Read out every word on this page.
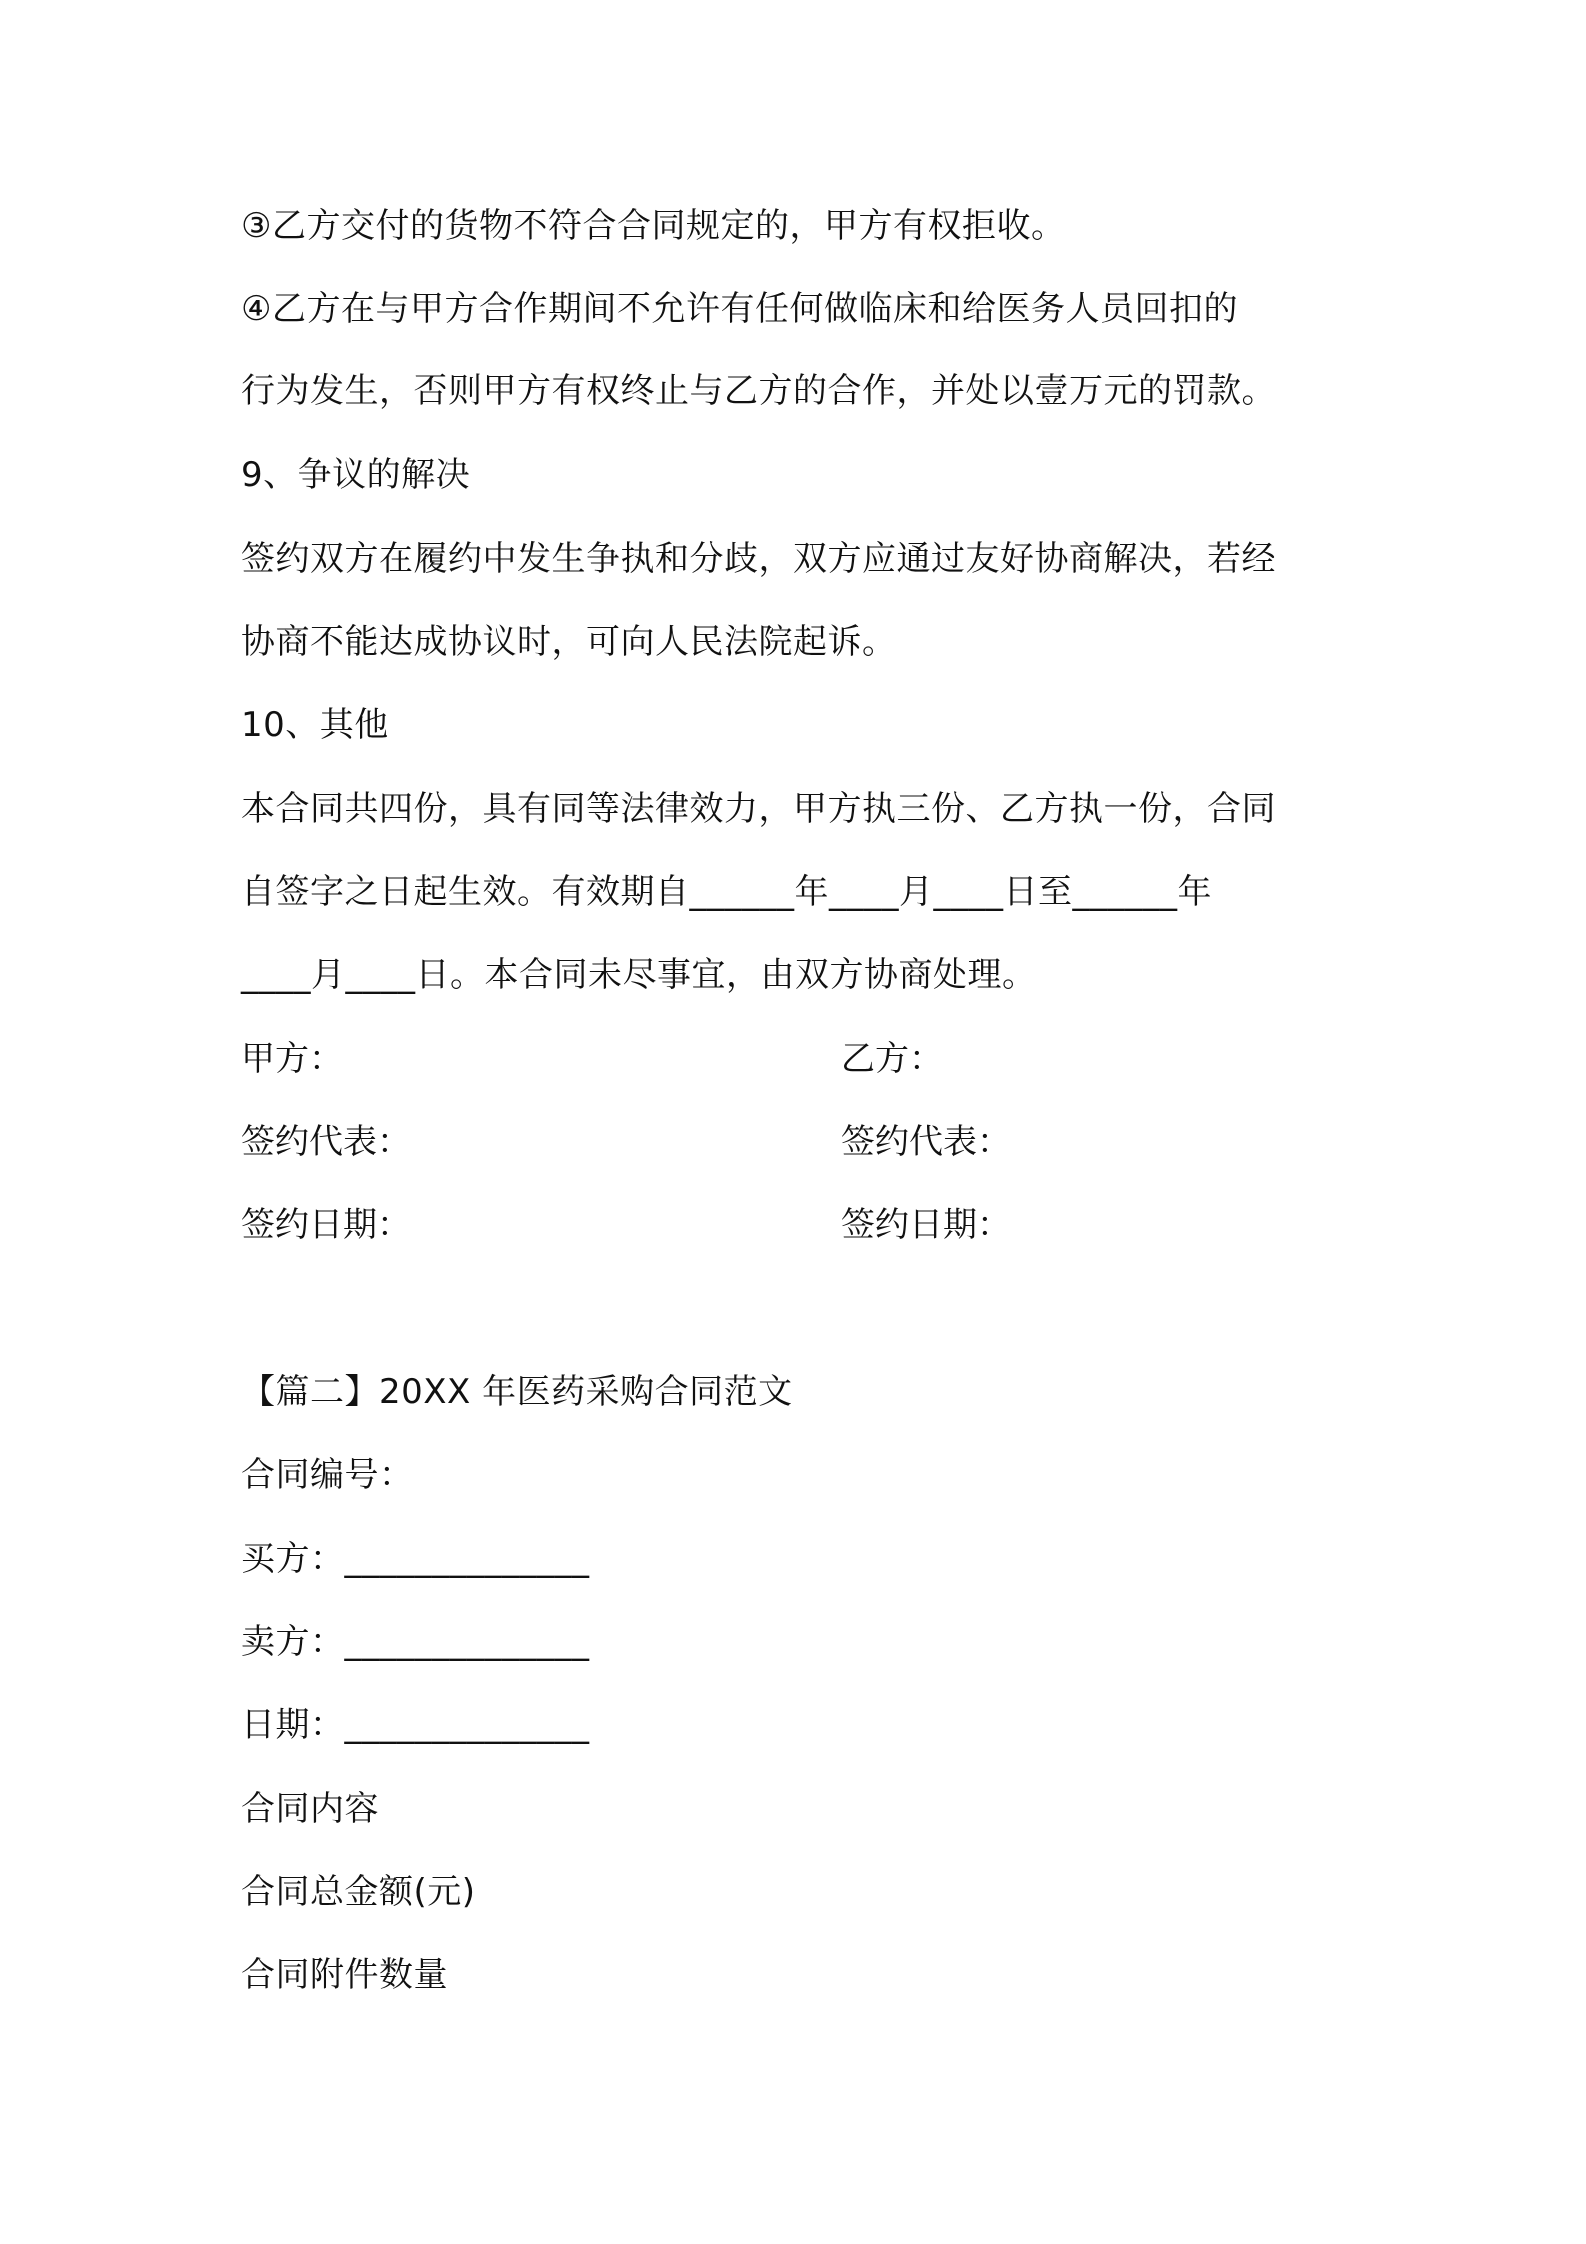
③乙方交付的货物不符合合同规定的，甲方有权拒收。
④乙方在与甲方合作期间不允许有任何做临床和给医务人员回扣的
行为发生，否则甲方有权终止与乙方的合作，并处以壹万元的罚款。
9、争议的解决
签约双方在履约中发生争执和分歧，双方应通过友好协商解决，若经
协商不能达成协议时，可向人民法院起诉。
10、其他
本合同共四份，具有同等法律效力，甲方执三份、乙方执一份，合同
自签字之日起生效。有效期自______年____月____日至______年
____月____日。本合同未尽事宜，由双方协商处理。
甲方：	乙方：
签约代表：	签约代表：
签约日期：	签约日期：
【篇二】20XX 年医药采购合同范文
合同编号：
买方：______________
卖方：______________
日期：______________
合同内容
合同总金额(元)
合同附件数量
